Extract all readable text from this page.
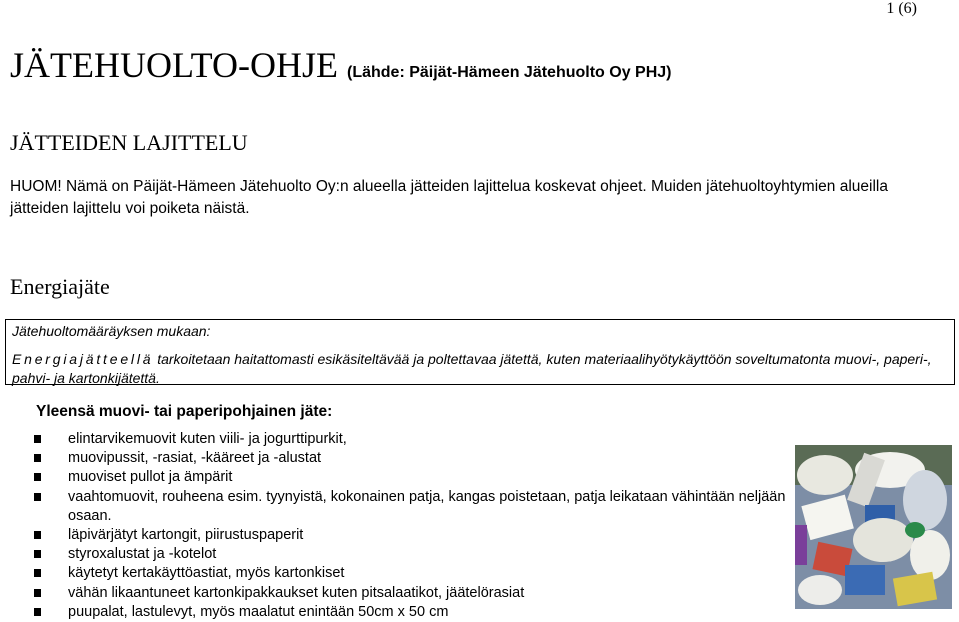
1 (6)
JÄTEHUOLTO-OHJE (Lähde: Päijät-Hämeen Jätehuolto Oy PHJ)
JÄTTEIDEN LAJITTELU
HUOM! Nämä on Päijät-Hämeen Jätehuolto Oy:n alueella jätteiden lajittelua koskevat ohjeet. Muiden jätehuoltoyhtymien alueilla jätteiden lajittelu voi poiketa näistä.
Energiajäte
Jätehuoltomääräyksen mukaan:
Energiajätteellä tarkoitetaan haitattomasti esikäsiteltävää ja poltettavaa jätettä, kuten materiaalihyötykäyttöön soveltumatonta muovi-, paperi-, pahvi- ja kartonkijätettä.
Yleensä muovi- tai paperipohjainen jäte:
elintarvikemuovit kuten viili- ja jogurttipurkit,
muovipussit, -rasiat, -kääreet ja -alustat
muoviset pullot ja ämpärit
vaahtomuovit, rouheena esim. tyynyistä, kokonainen patja, kangas poistetaan, patja leikataan vähintään neljään osaan.
läpivärjätyt kartongit, piirustuspaperit
styroxalustat ja -kotelot
käytetyt kertakäyttöastiat, myös kartonkiset
vähän likaantuneet kartonkipakkaukset kuten pitsalaatikot, jäätelörasiat
puupalat, lastulevyt, myös maalatut enintään 50cm x 50 cm
